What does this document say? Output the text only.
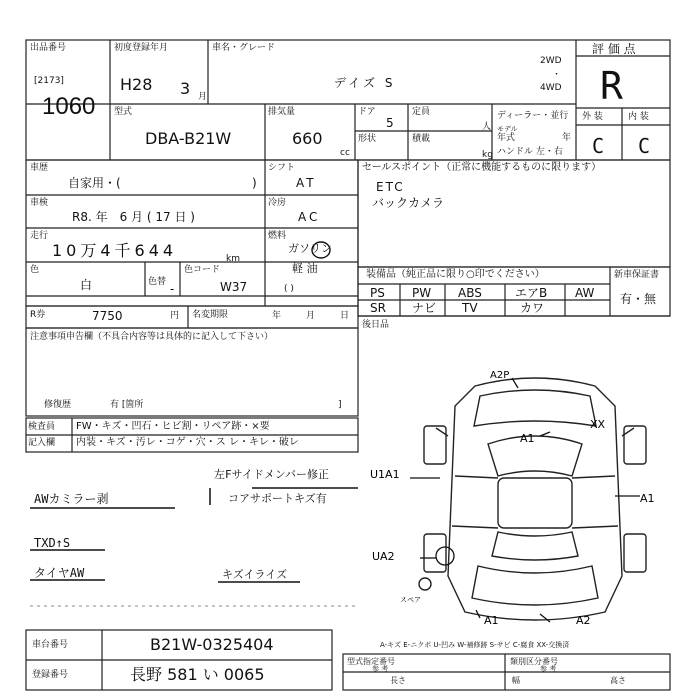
A2P
A1
XX
U1A1
A1
UA2
A1	A2
スペア
出品番号
[2173]
1060
初度登録年月
H28 3 月
車名・グレード
デイズ S
2WD
・
4WD
評 価 点
R
型式
DBA-B21W
排気量
660
cc
ドア
5
定員
人
形状	積載
kg
ディーラー・並行
モデル
年式	年
ハンドル 左・右
外 装	内 装
C C
車歴
自家用・(	)
シフト
AT
セールスポイント（正常に機能するものに限ります）
ETC
バックカメラ
車検
R8. 年　6 月 ( 17 日 )
冷房
AC
走行
10万4千644	km
燃料
ガソリン
軽 油
( )
色
白	色替 -
色コード
W37
装備品（純正品に限り○印でください）
PS PW ABS	エアB AW
SR ナビ TV	カワ
新車保証書
有・無
R券	7750	円 名変期限	年	月	日
後日品
注意事項申告欄（不具合内容等は具体的に記入して下さい）
修復歴	有 [箇所	]
検査員
記入欄
FW・キズ・凹石・ヒビ割・リペア跡・×要
内装・キズ・汚レ・コゲ・穴・ス レ・キレ・破レ
左Fサイドメンバー修正
AWカミラー剥	コアサポートキズ有
TXD↑S
タイヤAW	キズイライズ
A-キズ E-ニクボ U-凹み W-補修跡 S-サビ C-腐食 XX-交換済
車台番号	B21W-0325404
登録番号	長野 581 い 0065
型式指定番号	類別区分番号
参 考	参 考
長さ	幅	高さ
